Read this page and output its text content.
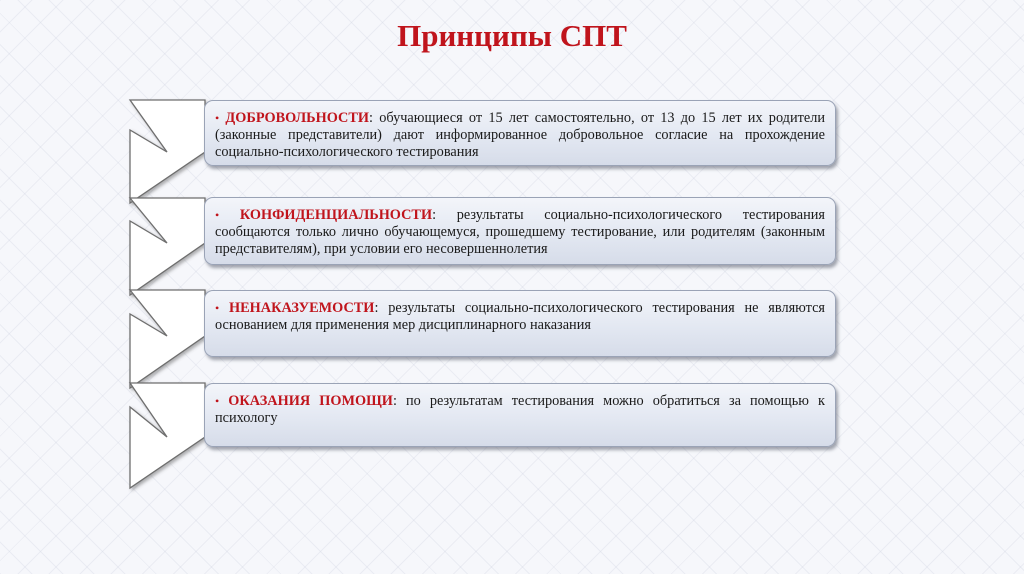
Принципы СПТ
• ДОБРОВОЛЬНОСТИ: обучающиеся от 15 лет самостоятельно, от 13 до 15 лет их родители (законные представители) дают информированное добровольное согласие на прохождение социально-психологического тестирования
• КОНФИДЕНЦИАЛЬНОСТИ: результаты социально-психологического тестирования сообщаются только лично обучающемуся, прошедшему тестирование, или родителям (законным представителям), при условии его несовершеннолетия
• НЕНАКАЗУЕМОСТИ: результаты социально-психологического тестирования не являются основанием для применения мер дисциплинарного наказания
• ОКАЗАНИЯ ПОМОЩИ: по результатам тестирования можно обратиться за помощью к психологу
